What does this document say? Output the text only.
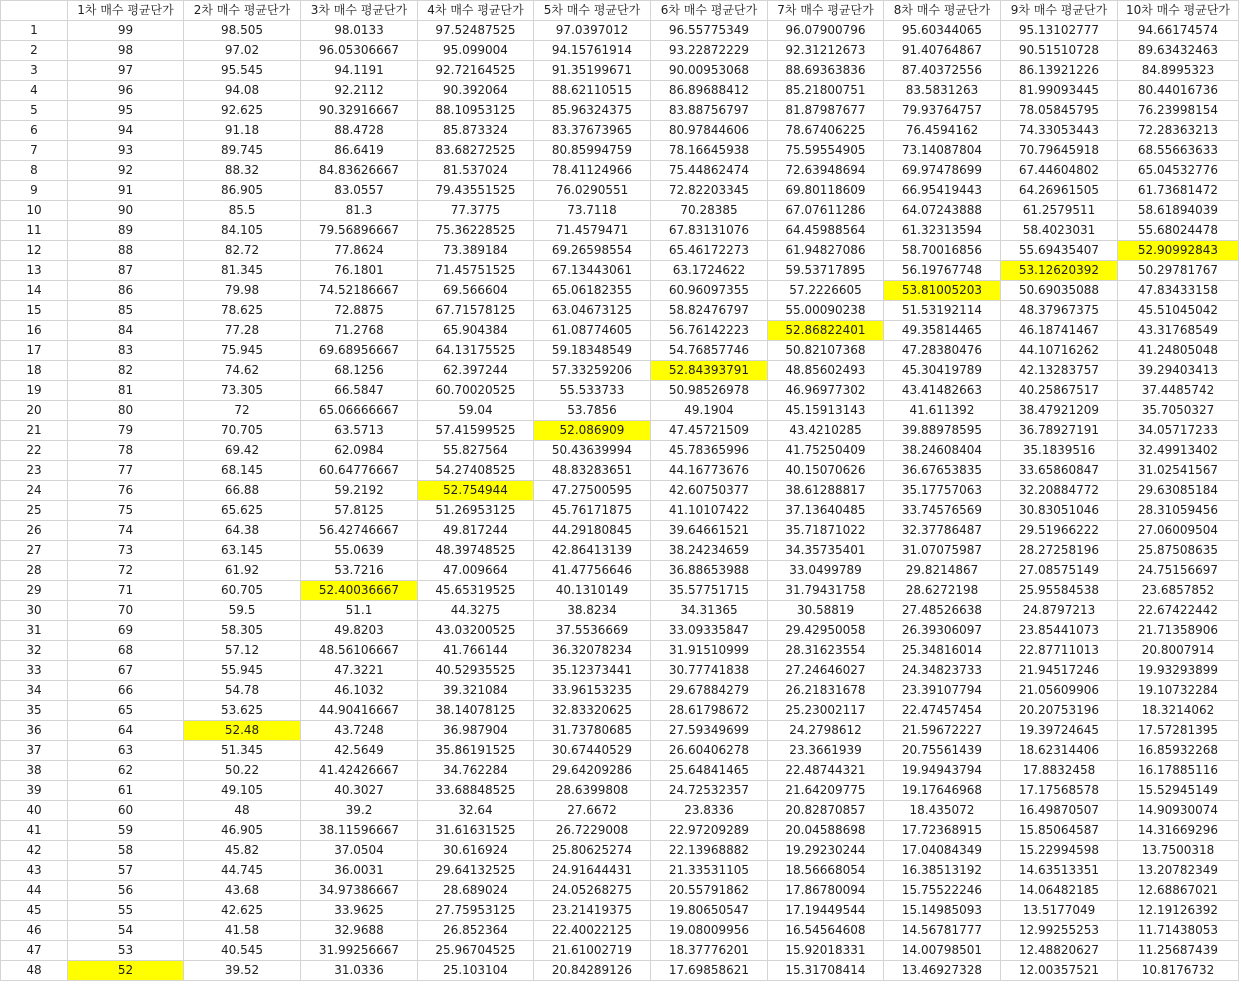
	1차 매수 평균단가	2차 매수 평균단가	3차 매수 평균단가	4차 매수 평균단가	5차 매수 평균단가	6차 매수 평균단가	7차 매수 평균단가	8차 매수 평균단가	9차 매수 평균단가	10차 매수 평균단가
1	99	98.505	98.0133	97.52487525	97.0397012	96.55775349	96.07900796	95.60344065	95.13102777	94.66174574
2	98	97.02	96.05306667	95.099004	94.15761914	93.22872229	92.31212673	91.40764867	90.51510728	89.63432463
3	97	95.545	94.1191	92.72164525	91.35199671	90.00953068	88.69363836	87.40372556	86.13921226	84.8995323
4	96	94.08	92.2112	90.392064	88.62110515	86.89688412	85.21800751	83.5831263	81.99093445	80.44016736
5	95	92.625	90.32916667	88.10953125	85.96324375	83.88756797	81.87987677	79.93764757	78.05845795	76.23998154
6	94	91.18	88.4728	85.873324	83.37673965	80.97844606	78.67406225	76.4594162	74.33053443	72.28363213
7	93	89.745	86.6419	83.68272525	80.85994759	78.16645938	75.59554905	73.14087804	70.79645918	68.55663633
8	92	88.32	84.83626667	81.537024	78.41124966	75.44862474	72.63948694	69.97478699	67.44604802	65.04532776
9	91	86.905	83.0557	79.43551525	76.0290551	72.82203345	69.80118609	66.95419443	64.26961505	61.73681472
10	90	85.5	81.3	77.3775	73.7118	70.28385	67.07611286	64.07243888	61.2579511	58.61894039
11	89	84.105	79.56896667	75.36228525	71.4579471	67.83131076	64.45988564	61.32313594	58.4023031	55.68024478
12	88	82.72	77.8624	73.389184	69.26598554	65.46172273	61.94827086	58.70016856	55.69435407	52.90992843
13	87	81.345	76.1801	71.45751525	67.13443061	63.1724622	59.53717895	56.19767748	53.12620392	50.29781767
14	86	79.98	74.52186667	69.566604	65.06182355	60.96097355	57.2226605	53.81005203	50.69035088	47.83433158
15	85	78.625	72.8875	67.71578125	63.04673125	58.82476797	55.00090238	51.53192114	48.37967375	45.51045042
16	84	77.28	71.2768	65.904384	61.08774605	56.76142223	52.86822401	49.35814465	46.18741467	43.31768549
17	83	75.945	69.68956667	64.13175525	59.18348549	54.76857746	50.82107368	47.28380476	44.10716262	41.24805048
18	82	74.62	68.1256	62.397244	57.33259206	52.84393791	48.85602493	45.30419789	42.13283757	39.29403413
19	81	73.305	66.5847	60.70020525	55.533733	50.98526978	46.96977302	43.41482663	40.25867517	37.4485742
20	80	72	65.06666667	59.04	53.7856	49.1904	45.15913143	41.611392	38.47921209	35.7050327
21	79	70.705	63.5713	57.41599525	52.086909	47.45721509	43.4210285	39.88978595	36.78927191	34.05717233
22	78	69.42	62.0984	55.827564	50.43639994	45.78365996	41.75250409	38.24608404	35.1839516	32.49913402
23	77	68.145	60.64776667	54.27408525	48.83283651	44.16773676	40.15070626	36.67653835	33.65860847	31.02541567
24	76	66.88	59.2192	52.754944	47.27500595	42.60750377	38.61288817	35.17757063	32.20884772	29.63085184
25	75	65.625	57.8125	51.26953125	45.76171875	41.10107422	37.13640485	33.74576569	30.83051046	28.31059456
26	74	64.38	56.42746667	49.817244	44.29180845	39.64661521	35.71871022	32.37786487	29.51966222	27.06009504
27	73	63.145	55.0639	48.39748525	42.86413139	38.24234659	34.35735401	31.07075987	28.27258196	25.87508635
28	72	61.92	53.7216	47.009664	41.47756646	36.88653988	33.0499789	29.8214867	27.08575149	24.75156697
29	71	60.705	52.40036667	45.65319525	40.1310149	35.57751715	31.79431758	28.6272198	25.95584538	23.6857852
30	70	59.5	51.1	44.3275	38.8234	34.31365	30.58819	27.48526638	24.8797213	22.67422442
31	69	58.305	49.8203	43.03200525	37.5536669	33.09335847	29.42950058	26.39306097	23.85441073	21.71358906
32	68	57.12	48.56106667	41.766144	36.32078234	31.91510999	28.31623554	25.34816014	22.87711013	20.8007914
33	67	55.945	47.3221	40.52935525	35.12373441	30.77741838	27.24646027	24.34823733	21.94517246	19.93293899
34	66	54.78	46.1032	39.321084	33.96153235	29.67884279	26.21831678	23.39107794	21.05609906	19.10732284
35	65	53.625	44.90416667	38.14078125	32.83320625	28.61798672	25.23002117	22.47457454	20.20753196	18.3214062
36	64	52.48	43.7248	36.987904	31.73780685	27.59349699	24.2798612	21.59672227	19.39724645	17.57281395
37	63	51.345	42.5649	35.86191525	30.67440529	26.60406278	23.3661939	20.75561439	18.62314406	16.85932268
38	62	50.22	41.42426667	34.762284	29.64209286	25.64841465	22.48744321	19.94943794	17.8832458	16.17885116
39	61	49.105	40.3027	33.68848525	28.6399808	24.72532357	21.64209775	19.17646968	17.17568578	15.52945149
40	60	48	39.2	32.64	27.6672	23.8336	20.82870857	18.435072	16.49870507	14.90930074
41	59	46.905	38.11596667	31.61631525	26.7229008	22.97209289	20.04588698	17.72368915	15.85064587	14.31669296
42	58	45.82	37.0504	30.616924	25.80625274	22.13968882	19.29230244	17.04084349	15.22994598	13.7500318
43	57	44.745	36.0031	29.64132525	24.91644431	21.33531105	18.56668054	16.38513192	14.63513351	13.20782349
44	56	43.68	34.97386667	28.689024	24.05268275	20.55791862	17.86780094	15.75522246	14.06482185	12.68867021
45	55	42.625	33.9625	27.75953125	23.21419375	19.80650547	17.19449544	15.14985093	13.5177049	12.19126392
46	54	41.58	32.9688	26.852364	22.40022125	19.08009956	16.54564608	14.56781777	12.99255253	11.71438053
47	53	40.545	31.99256667	25.96704525	21.61002719	18.37776201	15.92018331	14.00798501	12.48820627	11.25687439
48	52	39.52	31.0336	25.103104	20.84289126	17.69858621	15.31708414	13.46927328	12.00357521	10.8176732
